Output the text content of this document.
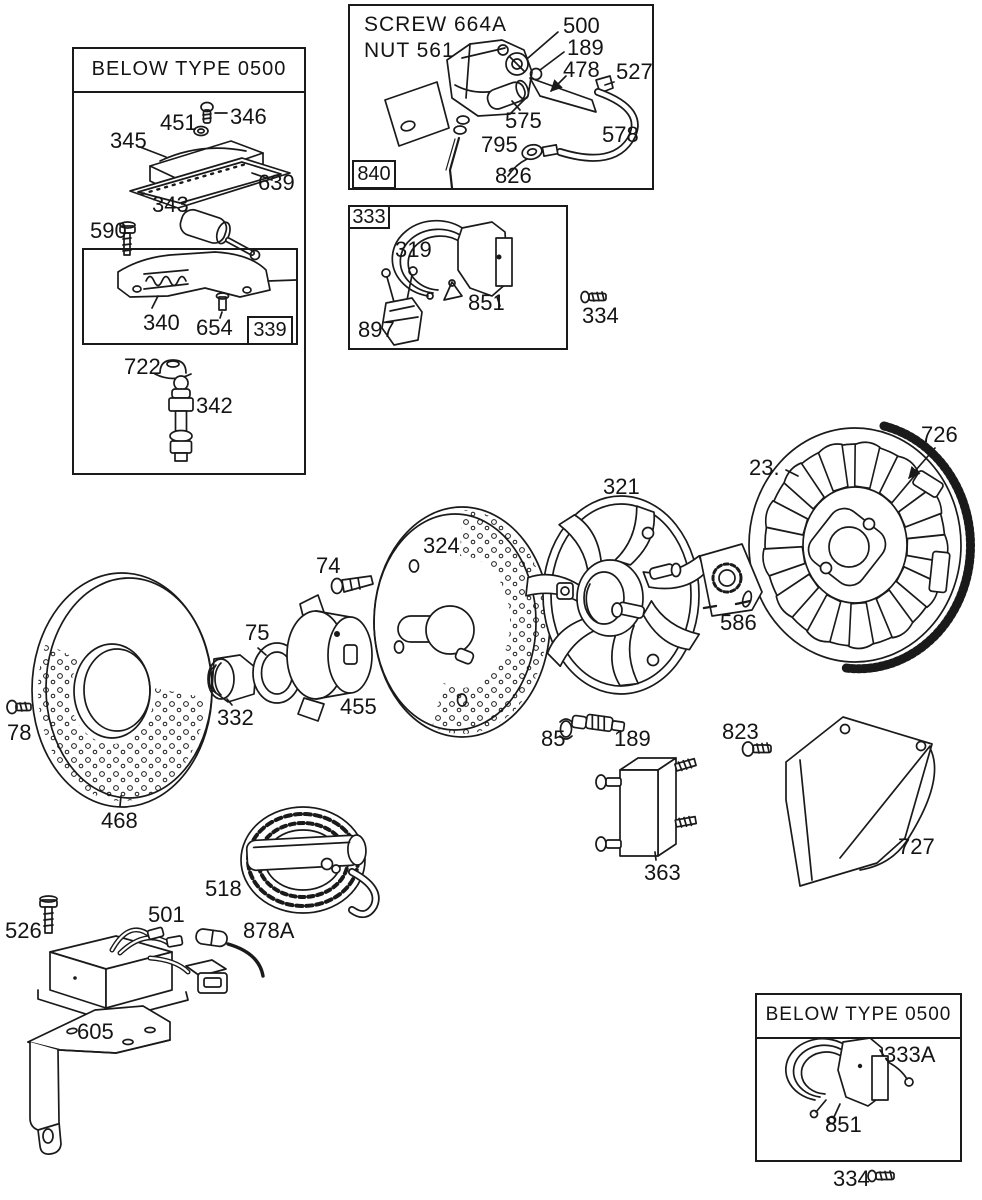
BELOW TYPE 0500
339
SCREW 664A
NUT 561
840
333
BELOW TYPE 0500
451 346
345
639
343
590
340 654
722
342
500
189
478 527
575
578
795
826
319
851
897
334
726
23.
321
324
74
75
332	455
78
468
586
85 189	823
727
363
518
501
878A
526
605
333A
851
334
